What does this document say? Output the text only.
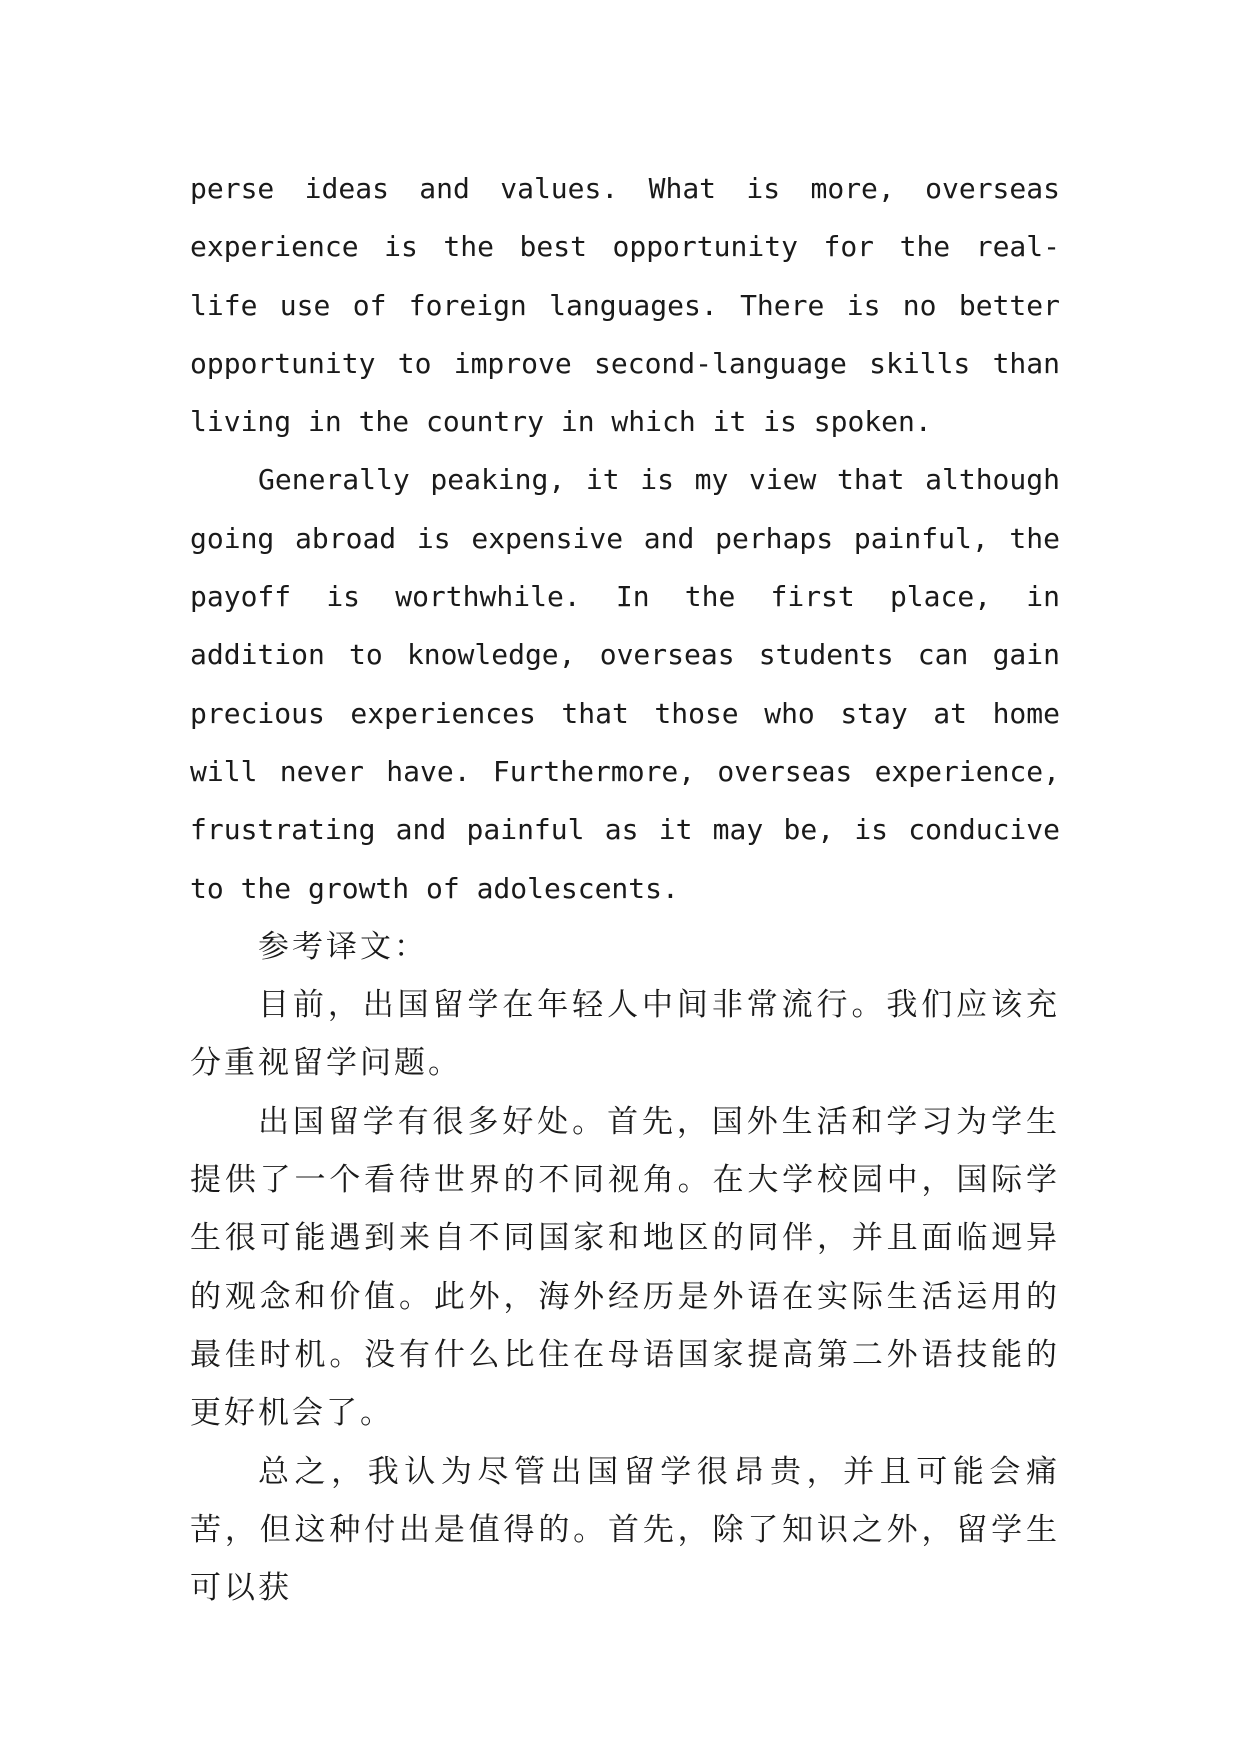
perse ideas and values. What is more, overseas experience is the best opportunity for the real-life use of foreign languages. There is no better opportunity to improve second-language skills than living in the country in which it is spoken.

Generally peaking, it is my view that although going abroad is expensive and perhaps painful, the payoff is worthwhile. In the first place, in addition to knowledge, overseas students can gain precious experiences that those who stay at home will never have. Furthermore, overseas experience, frustrating and painful as it may be, is conducive to the growth of adolescents.

参考译文：

目前，出国留学在年轻人中间非常流行。我们应该充分重视留学问题。

出国留学有很多好处。首先，国外生活和学习为学生提供了一个看待世界的不同视角。在大学校园中，国际学生很可能遇到来自不同国家和地区的同伴，并且面临迥异的观念和价值。此外，海外经历是外语在实际生活运用的最佳时机。没有什么比住在母语国家提高第二外语技能的更好机会了。

总之，我认为尽管出国留学很昂贵，并且可能会痛苦，但这种付出是值得的。首先，除了知识之外，留学生可以获
